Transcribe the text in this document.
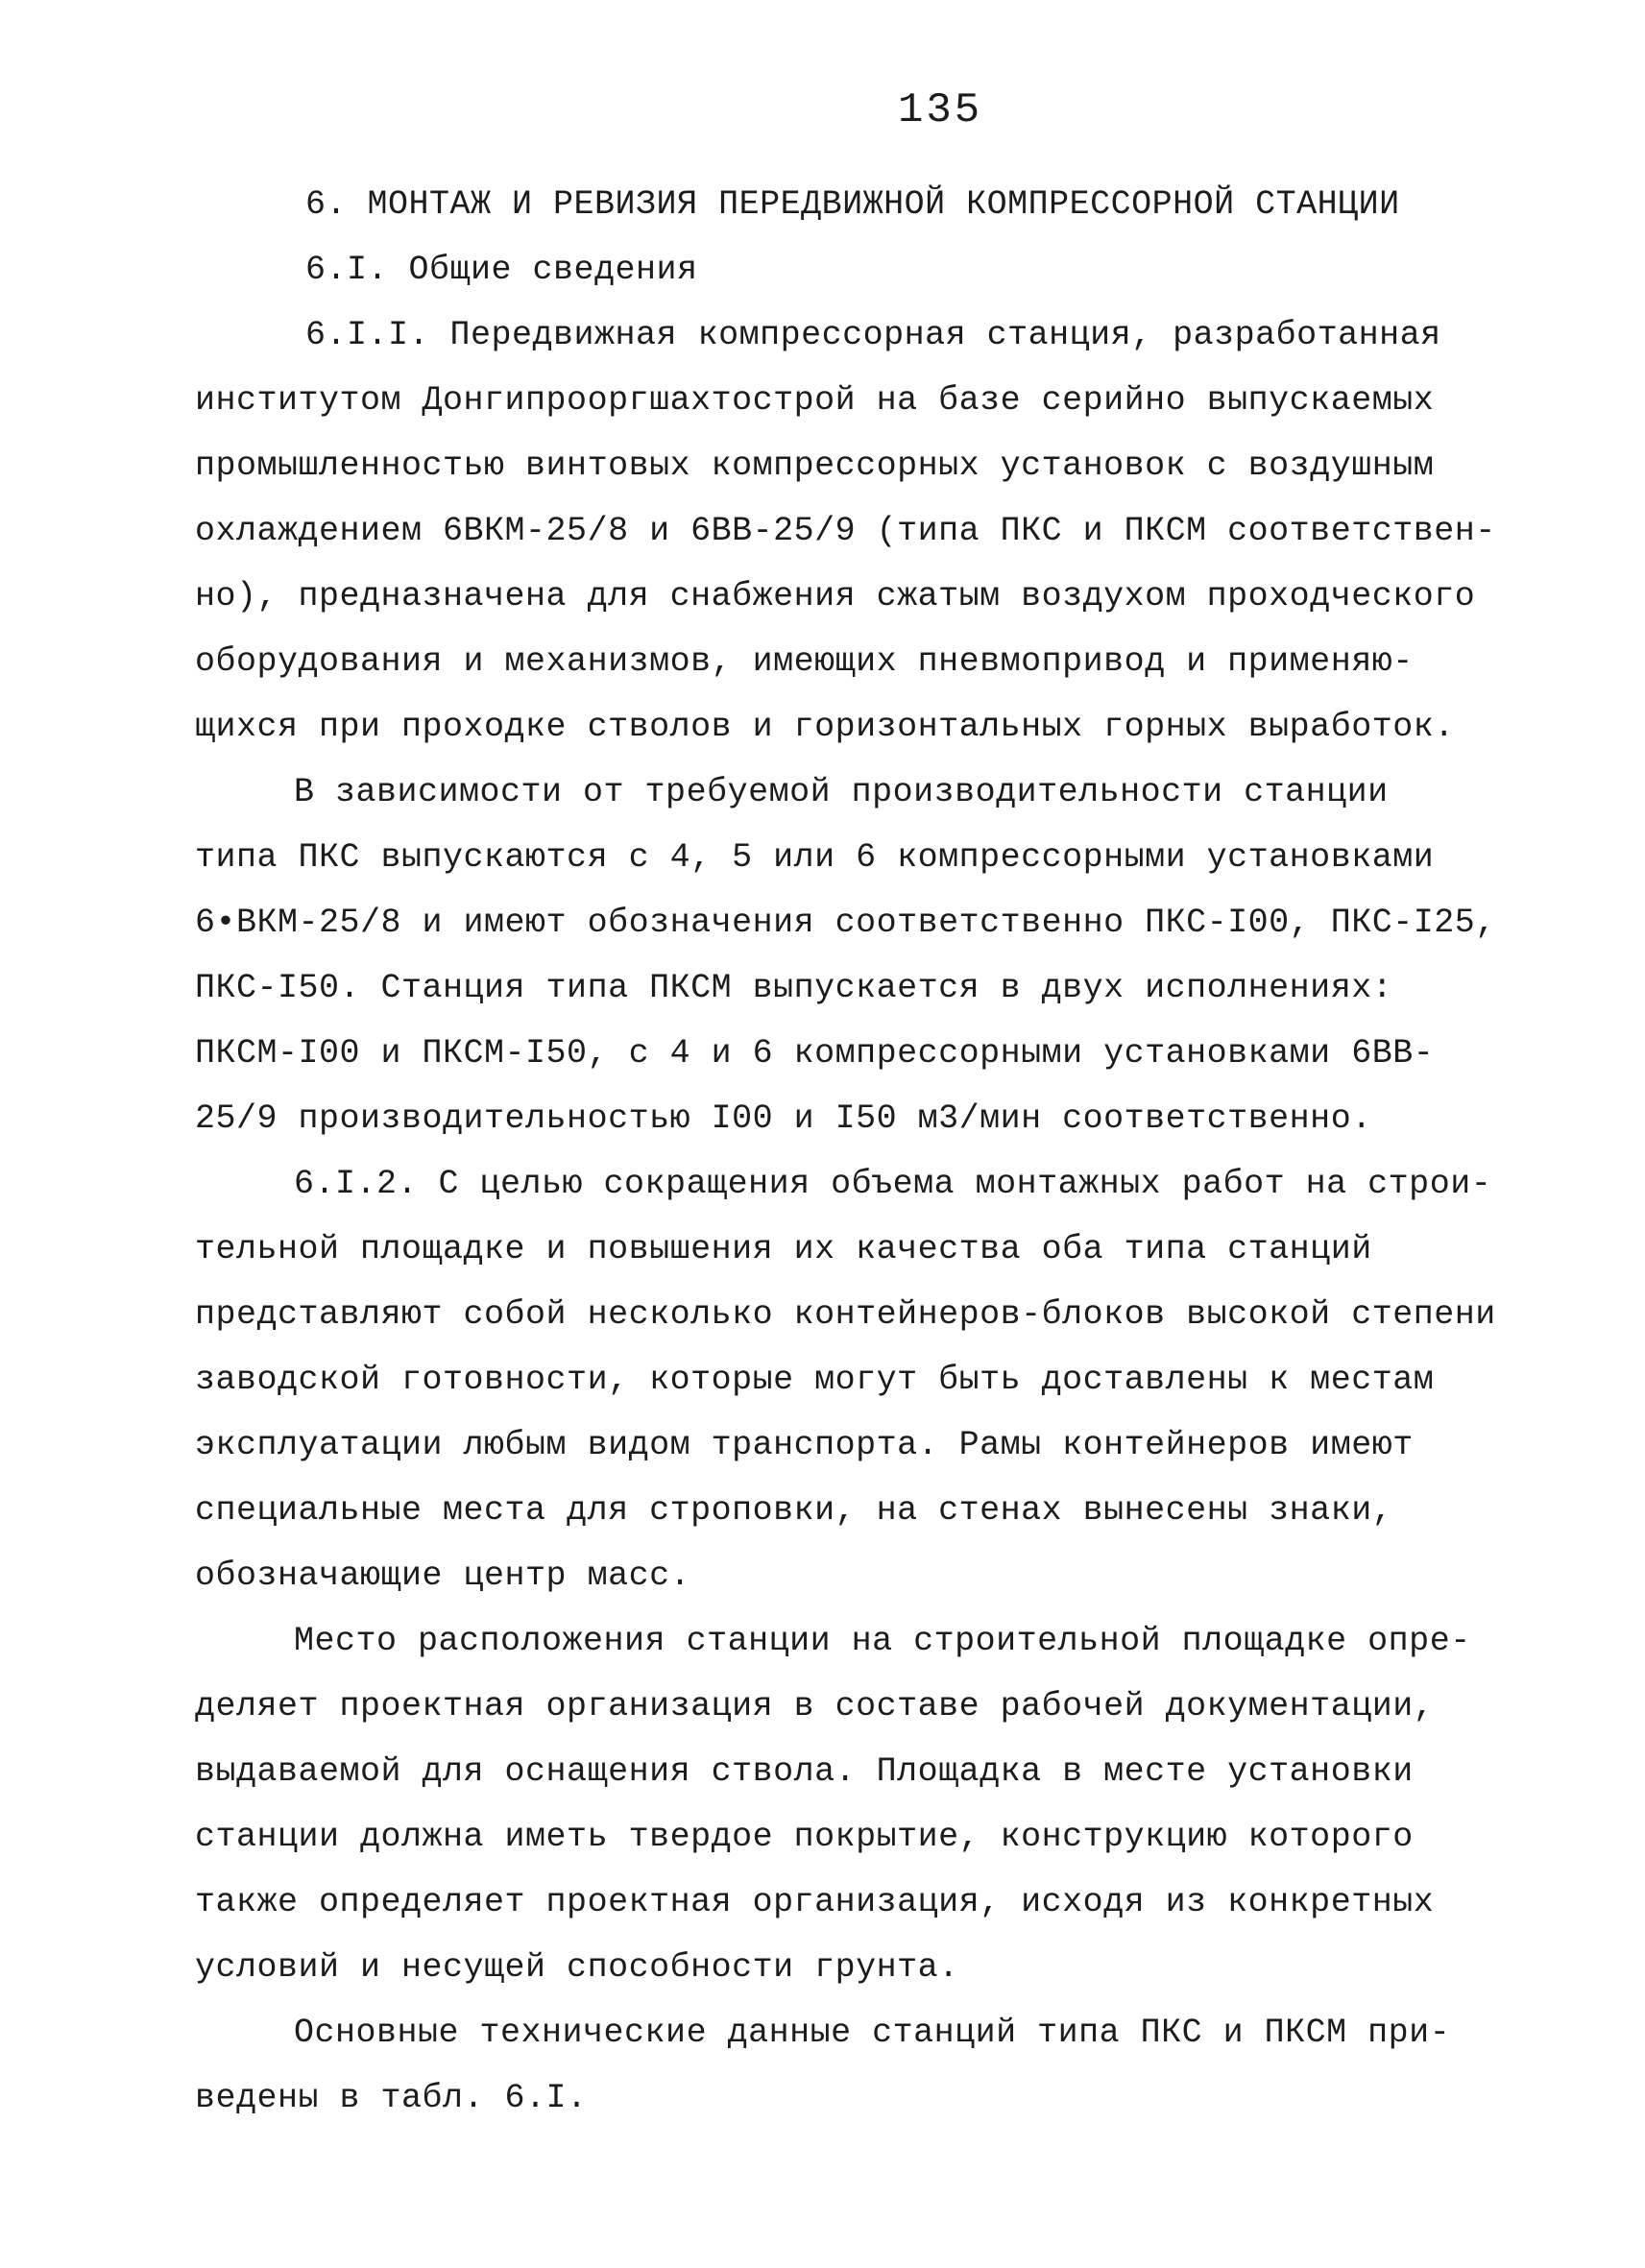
135
6. МОНТАЖ И РЕВИЗИЯ ПЕРЕДВИЖНОЙ КОМПРЕССОРНОЙ СТАНЦИИ
6.I. Общие сведения
6.I.I. Передвижная компрессорная станция, разработанная
институтом Донгипрооргшахтострой на базе серийно выпускаемых
промышленностью винтовых компрессорных установок с воздушным
охлаждением 6ВКМ-25/8 и 6ВВ-25/9 (типа ПКС и ПКСМ соответствен-
но), предназначена для снабжения сжатым воздухом проходческого
оборудования и механизмов, имеющих пневмопривод и применяю-
щихся при проходке стволов и горизонтальных горных выработок.
В зависимости от требуемой производительности станции
типа ПКС выпускаются с 4, 5 или 6 компрессорными установками
6•ВКМ-25/8 и имеют обозначения соответственно ПКС-I00, ПКС-I25,
ПКС-I50. Станция типа ПКСМ выпускается в двух исполнениях:
ПКСМ-I00 и ПКСМ-I50, с 4 и 6 компрессорными установками 6ВВ-
25/9 производительностью I00 и I50 м3/мин соответственно.
6.I.2. С целью сокращения объема монтажных работ на строи-
тельной площадке и повышения их качества оба типа станций
представляют собой несколько контейнеров-блоков высокой степени
заводской готовности, которые могут быть доставлены к местам
эксплуатации любым видом транспорта. Рамы контейнеров имеют
специальные места для строповки, на стенах вынесены знаки,
обозначающие центр масс.
Место расположения станции на строительной площадке опре-
деляет проектная организация в составе рабочей документации,
выдаваемой для оснащения ствола. Площадка в месте установки
станции должна иметь твердое покрытие, конструкцию которого
также определяет проектная организация, исходя из конкретных
условий и несущей способности грунта.
Основные технические данные станций типа ПКС и ПКСМ при-
ведены в табл. 6.I.
